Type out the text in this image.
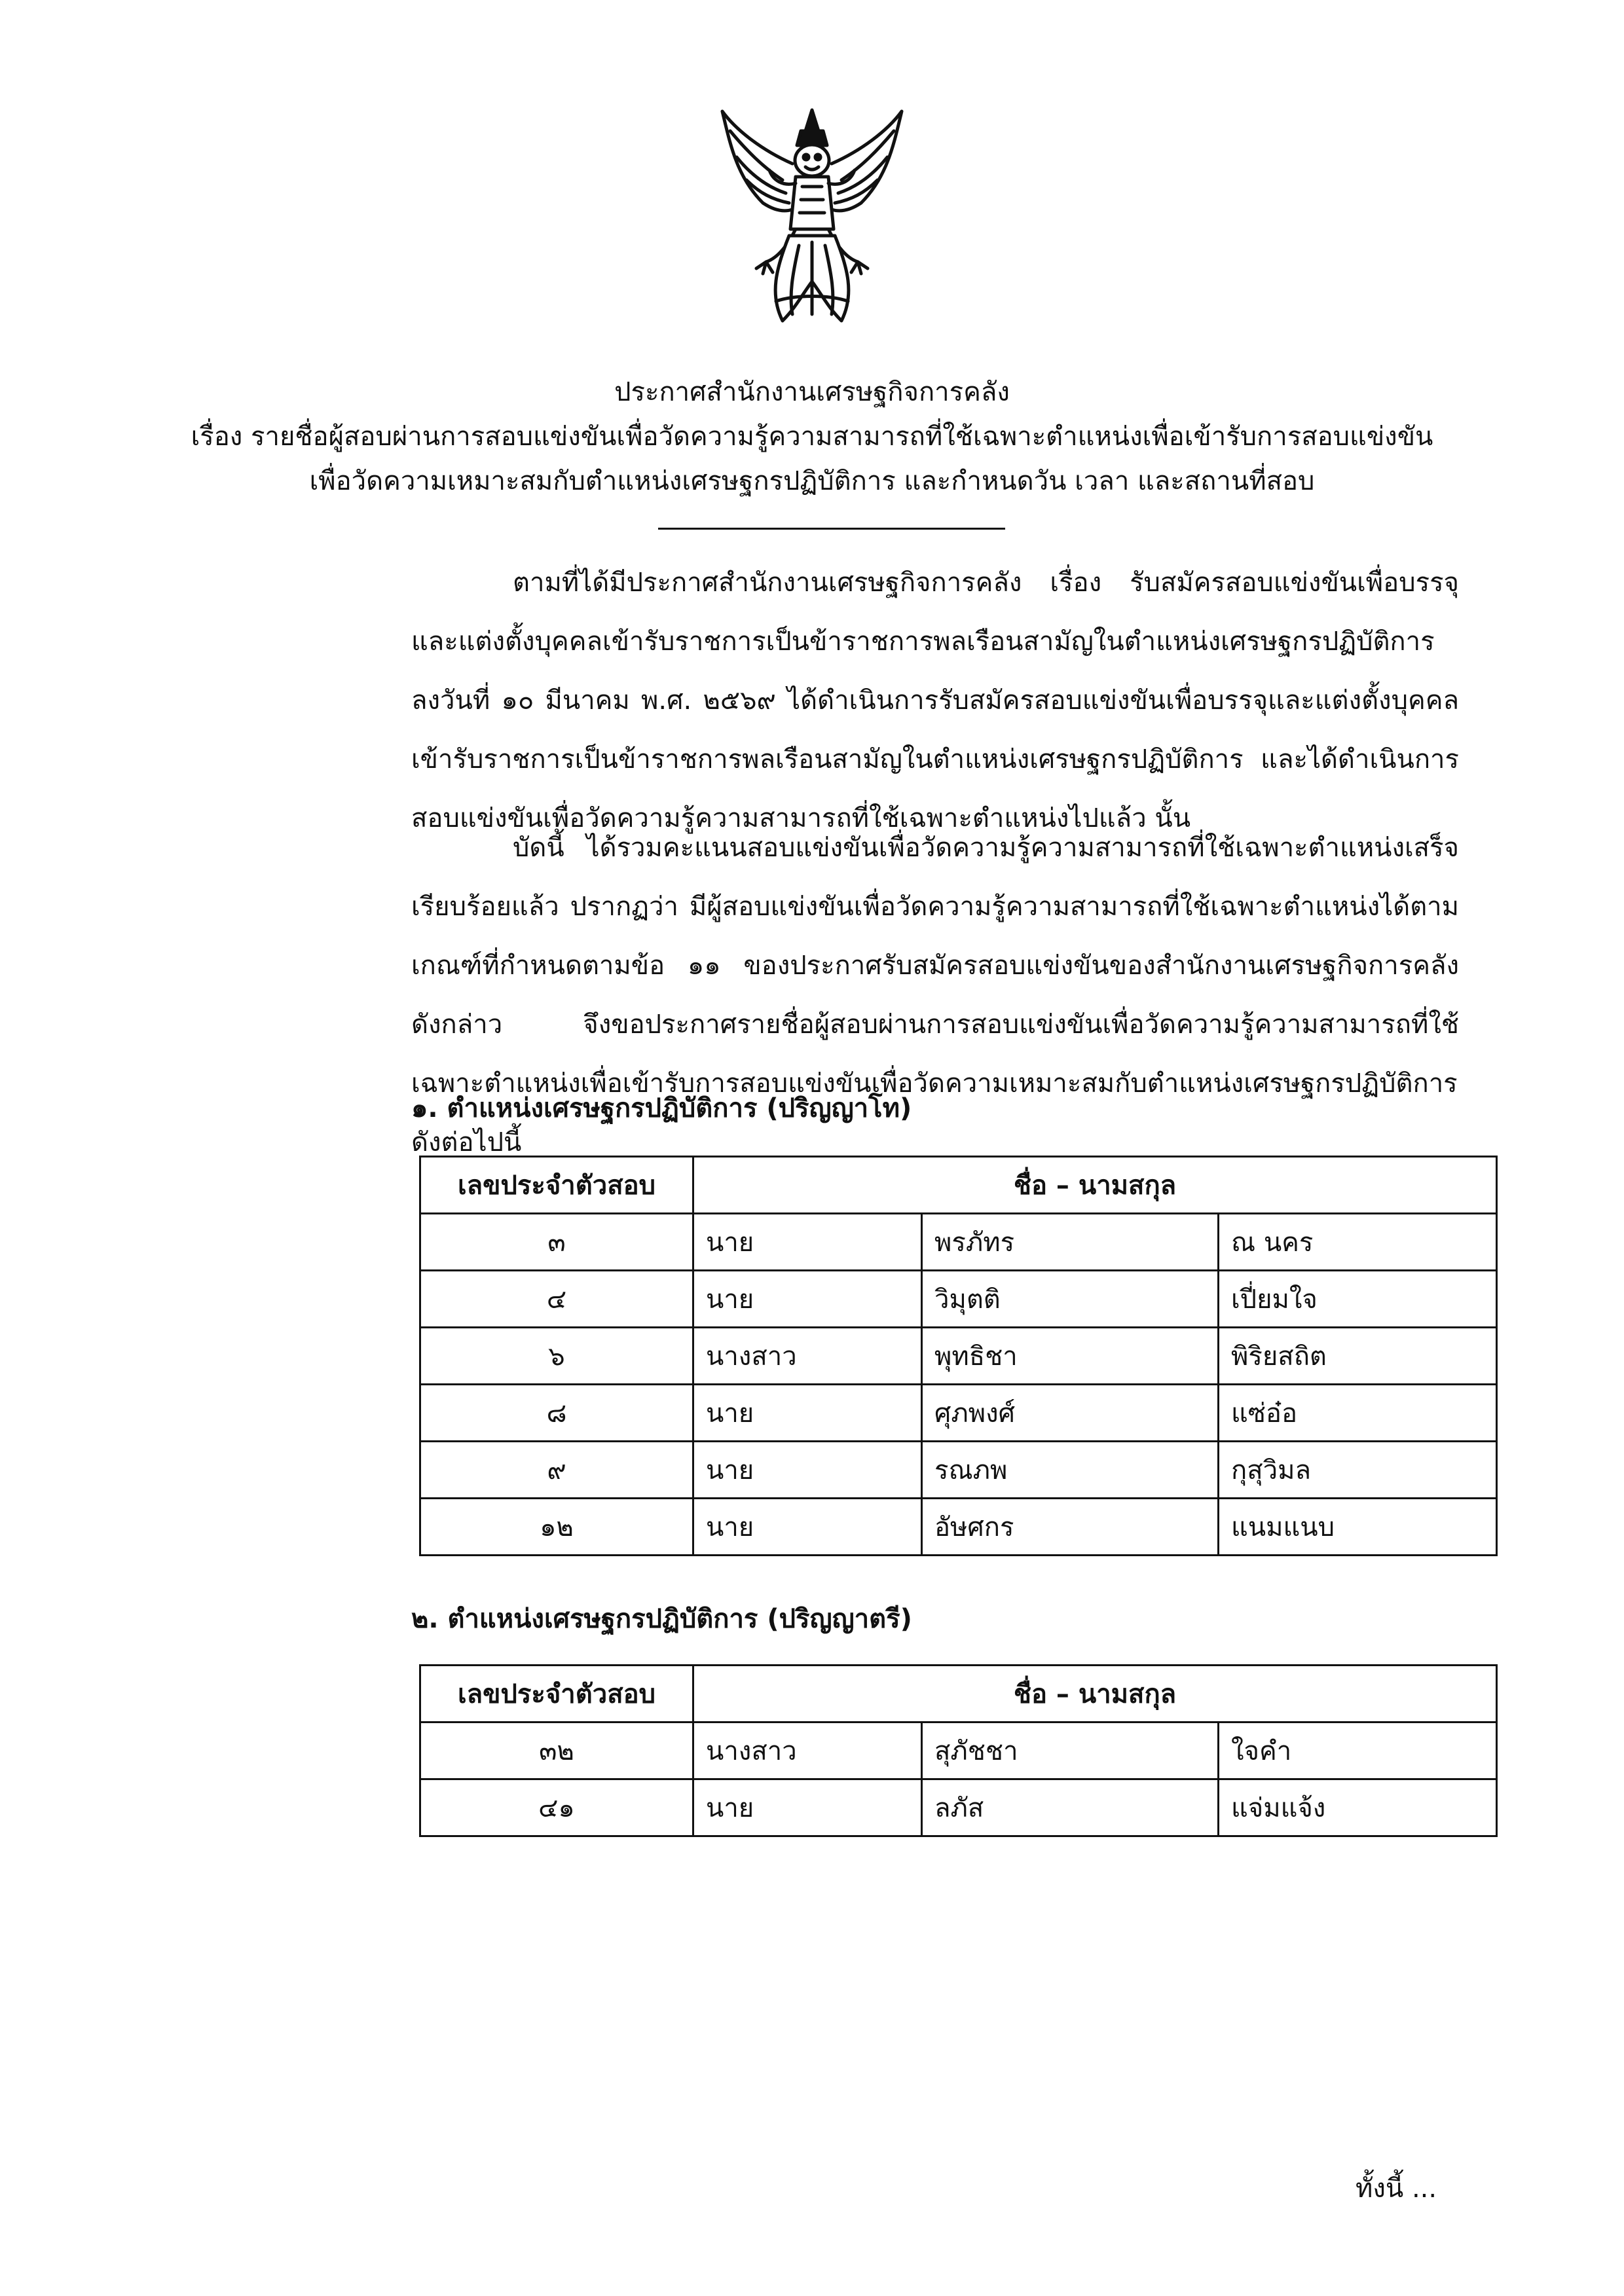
ประกาศสำนักงานเศรษฐกิจการคลัง
เรื่อง รายชื่อผู้สอบผ่านการสอบแข่งขันเพื่อวัดความรู้ความสามารถที่ใช้เฉพาะตำแหน่งเพื่อเข้ารับการสอบแข่งขัน
เพื่อวัดความเหมาะสมกับตำแหน่งเศรษฐกรปฏิบัติการ และกำหนดวัน เวลา และสถานที่สอบ

ตามที่ได้มีประกาศสำนักงานเศรษฐกิจการคลัง เรื่อง รับสมัครสอบแข่งขันเพื่อบรรจุและแต่งตั้งบุคคลเข้ารับราชการเป็นข้าราชการพลเรือนสามัญในตำแหน่งเศรษฐกรปฏิบัติการ ลงวันที่ ๑๐ มีนาคม พ.ศ. ๒๕๖๙ ได้ดำเนินการรับสมัครสอบแข่งขันเพื่อบรรจุและแต่งตั้งบุคคลเข้ารับราชการเป็นข้าราชการพลเรือนสามัญในตำแหน่งเศรษฐกรปฏิบัติการ และได้ดำเนินการสอบแข่งขันเพื่อวัดความรู้ความสามารถที่ใช้เฉพาะตำแหน่งไปแล้ว นั้น

บัดนี้ ได้รวมคะแนนสอบแข่งขันเพื่อวัดความรู้ความสามารถที่ใช้เฉพาะตำแหน่งเสร็จเรียบร้อยแล้ว ปรากฏว่า มีผู้สอบแข่งขันเพื่อวัดความรู้ความสามารถที่ใช้เฉพาะตำแหน่งได้ตามเกณฑ์ที่กำหนดตามข้อ ๑๑ ของประกาศรับสมัครสอบแข่งขันของสำนักงานเศรษฐกิจการคลังดังกล่าว จึงขอประกาศรายชื่อผู้สอบผ่านการสอบแข่งขันเพื่อวัดความรู้ความสามารถที่ใช้เฉพาะตำแหน่งเพื่อเข้ารับการสอบแข่งขันเพื่อวัดความเหมาะสมกับตำแหน่งเศรษฐกรปฏิบัติการ ดังต่อไปนี้

๑. ตำแหน่งเศรษฐกรปฏิบัติการ (ปริญญาโท)
เลขประจำตัวสอบ	ชื่อ – นามสกุล		
๓	นาย	พรภัทร	ณ นคร
๔	นาย	วิมุตติ	เปี่ยมใจ
๖	นางสาว	พุทธิชา	พิริยสถิต
๘	นาย	ศุภพงศ์	แซ่อ๋อ
๙	นาย	รณภพ	กุสุวิมล
๑๒	นาย	อัษศกร	แนมแนบ
๒. ตำแหน่งเศรษฐกรปฏิบัติการ (ปริญญาตรี)
เลขประจำตัวสอบ	ชื่อ – นามสกุล		
๓๒	นางสาว	สุภัชชา	ใจคำ
๔๑	นาย	ลภัส	แจ่มแจ้ง
ทั้งนี้ ...
